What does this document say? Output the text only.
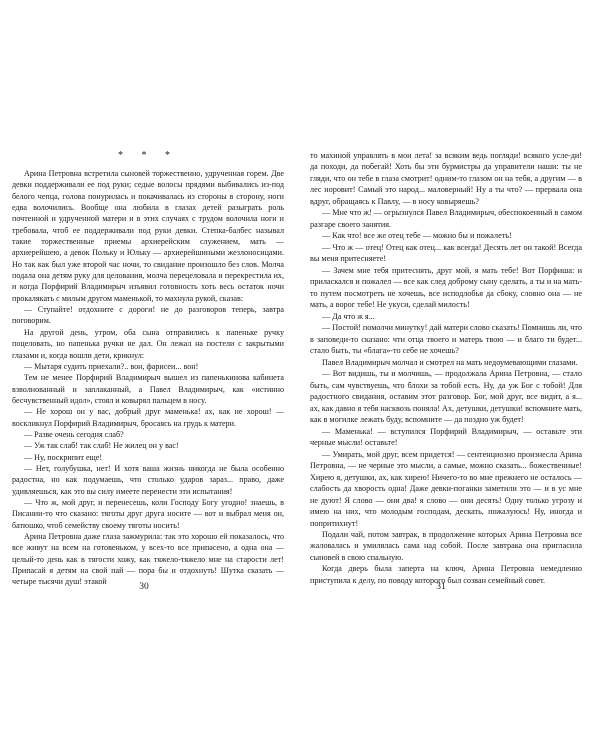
* * *

Арина Петровна встретила сыновей торжественно, удрученная горем. Две девки поддерживали ее под руки; седые волосы прядями выбивались из-под белого чепца, голова понурилась и покачивалась из стороны в сторону, ноги едва волочились. Вообще она любила в глазах детей разыграть роль почтенной и удрученной матери и в этих случаях с трудом волочила ноги и требовала, чтоб ее поддерживали под руки девки. Степка-балбес называл такие торжественные приемы архиерейским служением, мать — архиерейшею, а девок Польку и Юльку — архиерейшиными жезлоносицами. Но так как был уже второй час ночи, то свидание произошло без слов. Молча подала она детям руку для целования, молча перецеловала и перекрестила их, и когда Порфирий Владимирыч изъявил готовность хоть весь остаток ночи прокалякать с милым другом маменькой, то махнула рукой, сказав:

— Ступайте! отдохните с дороги! не до разговоров теперь, завтра поговорим.

На другой день, утром, оба сына отправились к папеньке ручку поцеловать, но папенька ручки не дал. Он лежал на постели с закрытыми глазами и, когда вошли дети, крикнул:

— Мытаря судить приехали?.. вон, фарисеи... вон!

Тем не менее Порфирий Владимирыч вышел из папенькинова кабинета взволнованный и заплаканный, а Павел Владимирыч, как «истинно бесчувственный идол», стоял и ковырял пальцем в носу.

— Не хорош он у вас, добрый друг маменька! ах, как не хорош! — воскликнул Порфирий Владимирыч, бросаясь на грудь к матери.

— Разве очень сегодня слаб?

— Уж так слаб! так слаб! Не жилец он у вас!

— Ну, поскрипит еще!

— Нет, голубушка, нет! И хотя ваша жизнь никогда не была особенно радостна, но как подумаешь, что столько ударов зараз... право, даже удивляешься, как это вы силу имеете перенести эти испытания!

— Что ж, мой друг, и перенесешь, коли Господу Богу угодно! знаешь, в Писании-то что сказано: тяготы друг друга носите — вот и выбрал меня он, батюшко, чтоб семейству своему тяготы носить!

Арина Петровна даже глаза зажмурила: так это хорошо ей показалось, что все живут на всем на готовеньком, у всех-то все припасено, а одна она — целый-то день как в тягости хожу, как тяжело-тяжело мне на старости лет! Припасай я детям на свой пай — пора бы и отдохнуть! Шутка сказать — четыре тысячи душ! этакой

30

то махиной управлять в мои лета! за всяким ведь погляди! всякого усле-ди! да походи, да побегай! Хоть бы эти бурмистры да управители наши: ты не гляди, что он тебе в глаза смотрит! одним-то глазом он на тебя, а другим — в лес норовит! Самый это народ... маловерный! Ну а ты что? — прервала она вдруг, обращаясь к Павлу, — в носу ковыряешь?

— Мне что ж! — огрызнулся Павел Владимирыч, обеспокоенный в самом разгаре своего занятия.

— Как что! все же отец тебе — можно бы и пожалеть!

— Что ж — отец! Отец как отец... как всегда! Десять лет он такой! Всегда вы меня притесняете!

— Зачем мне тебя притеснять, друг мой, я мать тебе! Вот Порфиша: и приласкался и пожалел — все как след доброму сыну сделать, а ты и на мать-то путем посмотреть не хочешь, все исподлобья да сбоку, словно она — не мать, а ворог тебе! Не укуси, сделай милость!

— Да что ж я...

— Постой! помолчи минутку! дай матери слово сказать! Помнишь ли, что в заповеди-то сказано: чти отца твоего и матерь твою — и благо ти будет... стало быть, ты «блага»-то себе не хочешь?

Павел Владимирыч молчал и смотрел на мать недоумевающими глазами.

— Вот видишь, ты и молчишь, — продолжала Арина Петровна, — стало быть, сам чувствуешь, что блохи за тобой есть. Ну, да уж Бог с тобой! Для радостного свидания, оставим этот разговор. Бог, мой друг, все видит, а я... ах, как давно я тебя насквозь поняла! Ах, детушки, детушки! вспомните мать, как в могилке лежать буду, вспомните — да поздно уж будет!

— Маменька! — вступился Порфирий Владимирыч, — оставьте эти черные мысли! оставьте!

— Умирать, мой друг, всем придется! — сентенциозно произнесла Арина Петровна, — не черные это мысли, а самые, можно сказать... божественные! Хирею я, детушки, ах, как хирею! Ничего-то во мне прежнего не осталось — слабость да хворость одна! Даже девки-поганки заметили это — и в ус мне не дуют! Я слово — они два! я слово — они десять! Одну только угрозу и имею на них, что молодым господам, дескать, пожалуюсь! Ну, иногда и попритихнут!

Подали чай, потом завтрак, в продолжение которых Арина Петровна все жаловалась и умилялась сама над собой. После завтрака она пригласила сыновей в свою спальную.

Когда дверь была заперта на ключ, Арина Петровна немедленно приступила к делу, по поводу которого был созван семейный совет.

31
